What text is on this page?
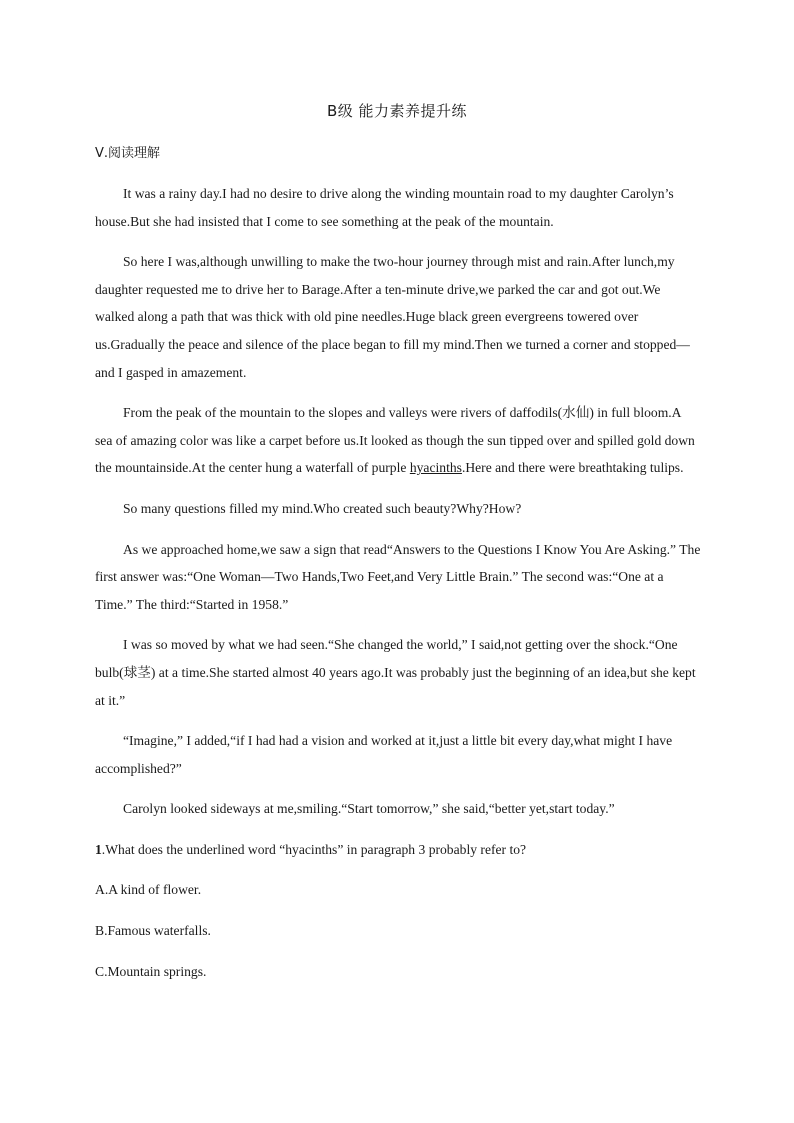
B级 能力素养提升练
Ⅴ.阅读理解

It was a rainy day.I had no desire to drive along the winding mountain road to my daughter Carolyn’s house.But she had insisted that I come to see something at the peak of the mountain.

So here I was,although unwilling to make the two-hour journey through mist and rain.After lunch,my daughter requested me to drive her to Barage.After a ten-minute drive,we parked the car and got out.We walked along a path that was thick with old pine needles.Huge black green evergreens towered over us.Gradually the peace and silence of the place began to fill my mind.Then we turned a corner and stopped—and I gasped in amazement.

From the peak of the mountain to the slopes and valleys were rivers of daffodils(水仙) in full bloom.A sea of amazing color was like a carpet before us.It looked as though the sun tipped over and spilled gold down the mountainside.At the center hung a waterfall of purple hyacinths.Here and there were breathtaking tulips.

So many questions filled my mind.Who created such beauty?Why?How?

As we approached home,we saw a sign that read“Answers to the Questions I Know You Are Asking.” The first answer was:“One Woman—Two Hands,Two Feet,and Very Little Brain.” The second was:“One at a Time.” The third:“Started in 1958.”

I was so moved by what we had seen.“She changed the world,” I said,not getting over the shock.“One bulb(球茎) at a time.She started almost 40 years ago.It was probably just the beginning of an idea,but she kept at it.”

“Imagine,” I added,“if I had had a vision and worked at it,just a little bit every day,what might I have accomplished?”

Carolyn looked sideways at me,smiling.“Start tomorrow,” she said,“better yet,start today.”

1.What does the underlined word “hyacinths” in paragraph 3 probably refer to?

A.A kind of flower.

B.Famous waterfalls.

C.Mountain springs.
